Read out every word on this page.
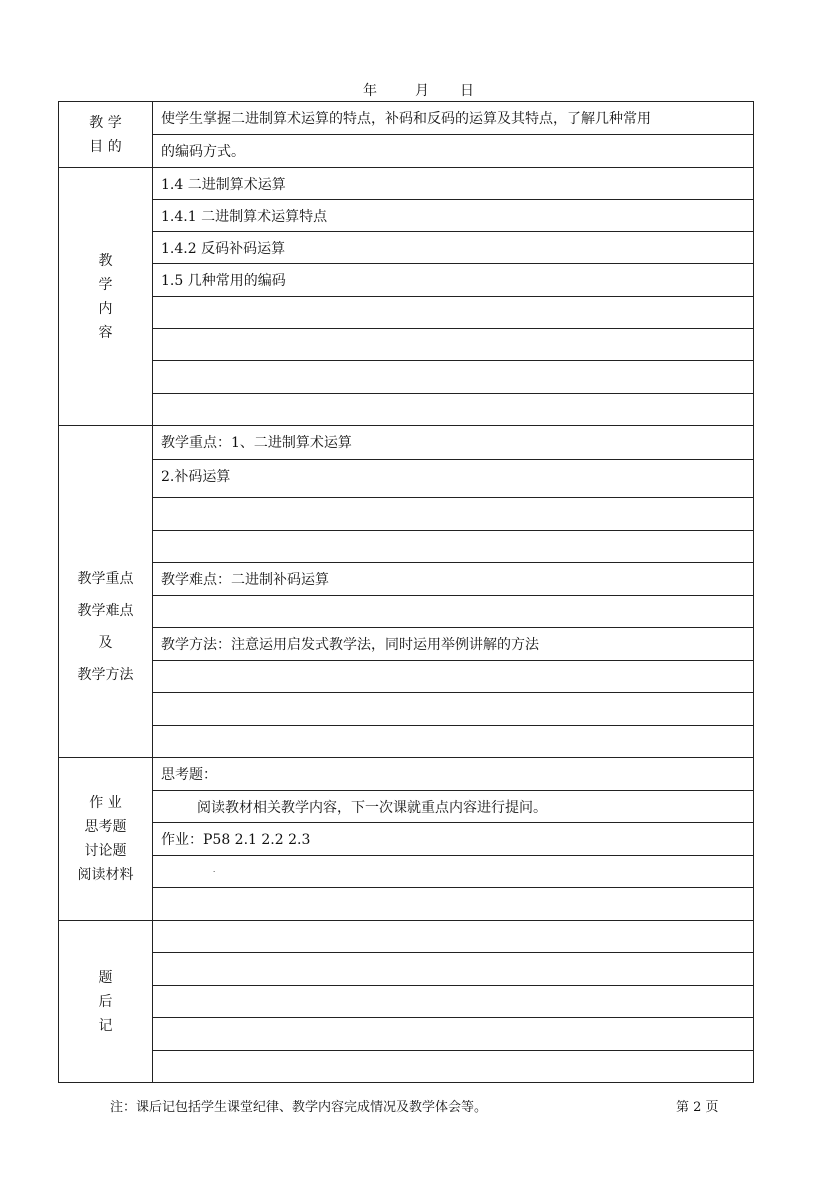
年	月 日
教 学
目 的	使学生掌握二进制算术运算的特点，补码和反码的运算及其特点，了解几种常用
	的编码方式。
教
学
内
容	1.4 二进制算术运算
	1.4.1 二进制算术运算特点
	1.4.2 反码补码运算
	1.5 几种常用的编码

教学重点
教学难点
及
教学方法	教学重点：1、二进制算术运算
	2.补码运算

	教学难点：二进制补码运算

	教学方法：注意运用启发式教学法，同时运用举例讲解的方法

作 业
思考题
讨论题
阅读材料	思考题：
	阅读教材相关教学内容，下一次课就重点内容进行提问。
	作业：P58 2.1 2.2 2.3
	·

题
后
记	

注：课后记包括学生课堂纪律、教学内容完成情况及教学体会等。	第 2 页
